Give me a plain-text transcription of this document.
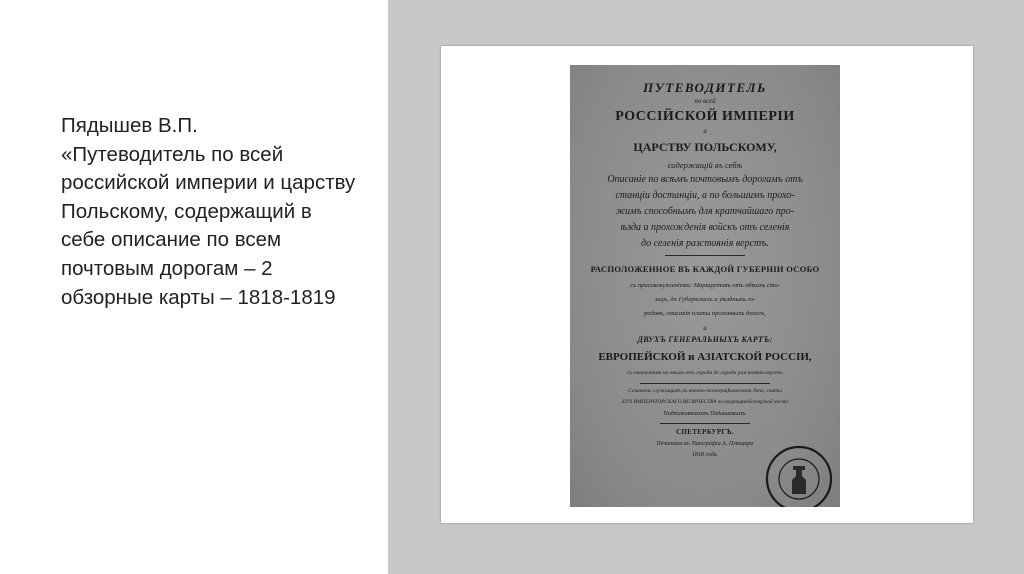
Пядышев В.П.
«Путеводитель по всей российской империи и царству Польскому, содержащий в себе описание по всем почтовым дорогам – 2 обзорные карты – 1818-1819
ПУТЕВОДИТЕЛЬ
по всей
РОССІЙСКОЙ ИМПЕРІИ
и
ЦАРСТВУ ПОЛЬСКОМУ,
содержащій въ себѣ
Описаніе по всѣмъ почтовымъ дорогамъ отъ
станціи достанціи, а по большимъ прохо-
жимъ способнымъ для кратчайшаго про-
ѣзда и прохожденія войскъ отъ селенія
до селенія разстоянія верстъ.
РАСПОЛОЖЕННОЕ ВЪ КАЖДОЙ ГУБЕРНІИ ОСОБО
съ присовокупленіемъ: Маршрутовъ отъ обѣихъ сто-
лицъ, до Губернскихъ и уѣздныхъ го-
родовъ, описанія платы прогонныхъ денегъ,
и
ДВУХЪ ГЕНЕРАЛЬНЫХЪ КАРТЪ:
ЕВРОПЕЙСКОЙ и АЗІАТСКОЙ РОССІИ,
съ означеніемъ на оныхъ отъ города до города разстоянія верстъ.
Сочинены служащимъ въ военно-топографическомъ депо, свиты
ЕГО ИМПЕРАТОРСКАГО ВЕЛИЧЕСТВА по квартирмейстерской части
Подполковникомъ Пядышевымъ.
СПЕТЕРБУРГЪ.
Печатано въ Типографіи А. Плюшара
1818 года.
